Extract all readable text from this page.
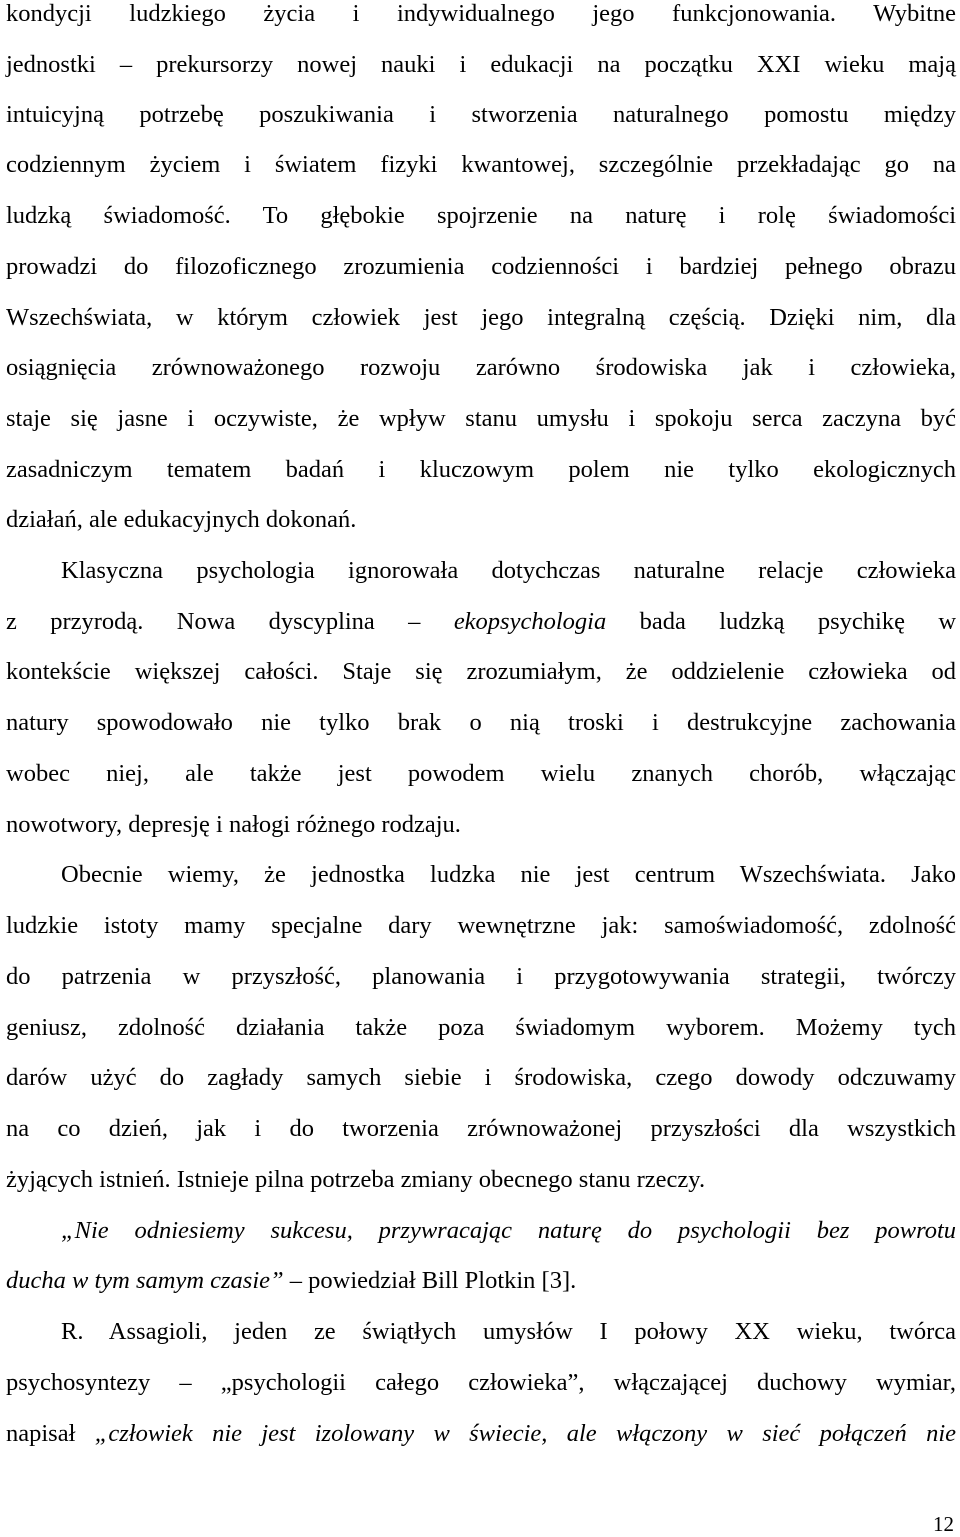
kondycji ludzkiego życia i indywidualnego jego funkcjonowania. Wybitne
jednostki – prekursorzy nowej nauki i edukacji na początku XXI wieku mają
intuicyjną potrzebę poszukiwania i stworzenia naturalnego pomostu między
codziennym życiem i światem fizyki kwantowej, szczególnie przekładając go na
ludzką świadomość. To głębokie spojrzenie na naturę i rolę świadomości
prowadzi do filozoficznego zrozumienia codzienności i bardziej pełnego obrazu
Wszechświata, w którym człowiek jest jego integralną częścią. Dzięki nim, dla
osiągnięcia zrównoważonego rozwoju zarówno środowiska jak i człowieka,
staje się jasne i oczywiste, że wpływ stanu umysłu i spokoju serca zaczyna być
zasadniczym tematem badań i kluczowym polem nie tylko ekologicznych
działań, ale edukacyjnych dokonań.
Klasyczna psychologia ignorowała dotychczas naturalne relacje człowieka
z przyrodą. Nowa dyscyplina – ekopsychologia bada ludzką psychikę w
kontekście większej całości. Staje się zrozumiałym, że oddzielenie człowieka od
natury spowodowało nie tylko brak o nią troski i destrukcyjne zachowania
wobec niej, ale także jest powodem wielu znanych chorób, włączając
nowotwory, depresję i nałogi różnego rodzaju.
Obecnie wiemy, że jednostka ludzka nie jest centrum Wszechświata. Jako
ludzkie istoty mamy specjalne dary wewnętrzne jak: samoświadomość, zdolność
do patrzenia w przyszłość, planowania i przygotowywania strategii, twórczy
geniusz, zdolność działania także poza świadomym wyborem. Możemy tych
darów użyć do zagłady samych siebie i środowiska, czego dowody odczuwamy
na co dzień, jak i do tworzenia zrównoważonej przyszłości dla wszystkich
żyjących istnień. Istnieje pilna potrzeba zmiany obecnego stanu rzeczy.
„Nie odniesiemy sukcesu, przywracając naturę do psychologii bez powrotu
ducha w tym samym czasie” – powiedział Bill Plotkin [3].
R. Assagioli, jeden ze świątłych umysłów I połowy XX wieku, twórca
psychosyntezy – „psychologii całego człowieka”, włączającej duchowy wymiar,
napisał „człowiek nie jest izolowany w świecie, ale włączony w sieć połączeń nie
12
